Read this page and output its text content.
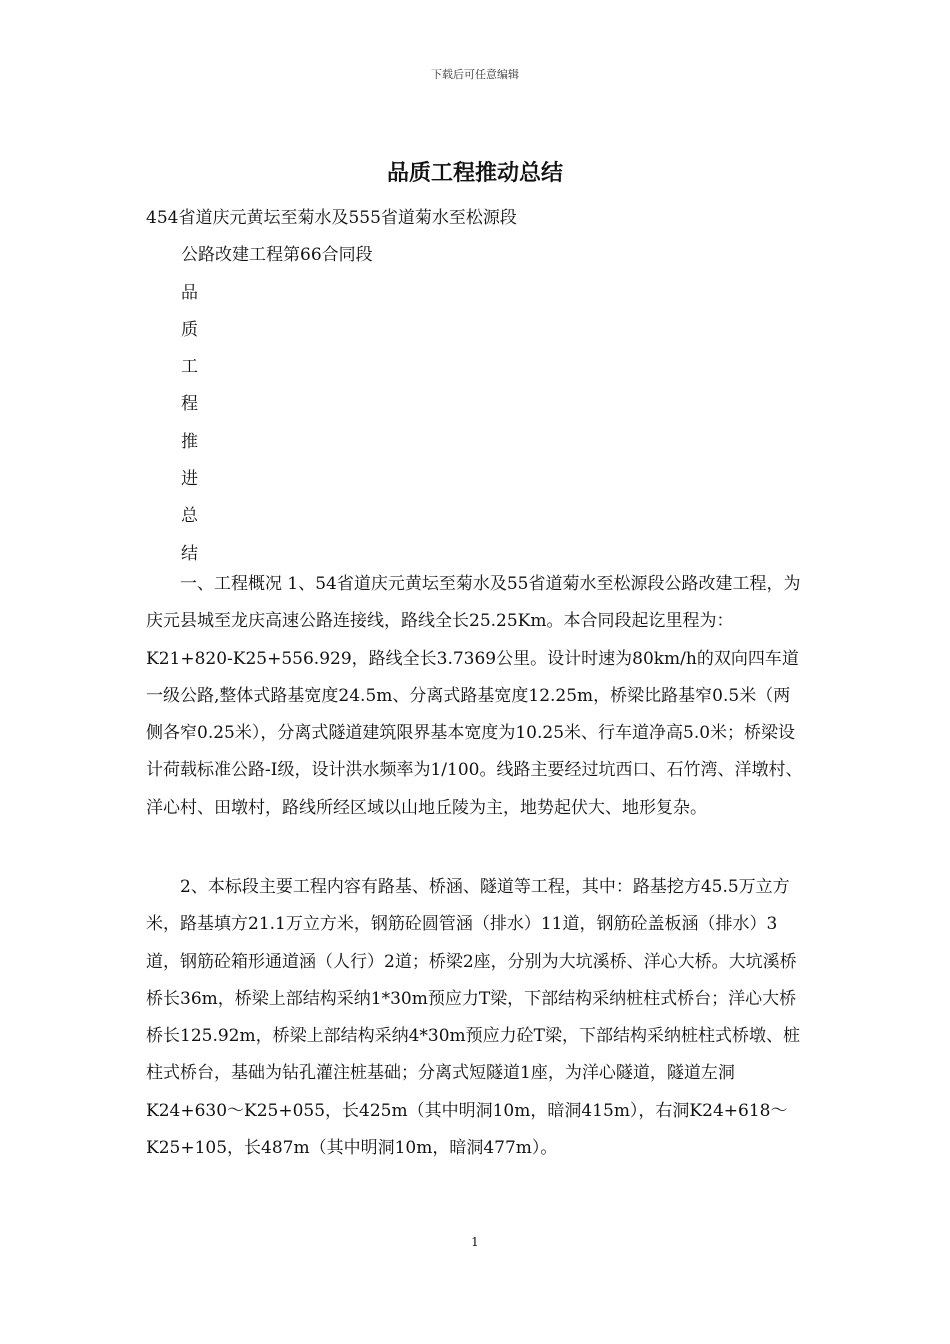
下载后可任意编辑
品质工程推动总结
454省道庆元黄坛至菊水及555省道菊水至松源段
公路改建工程第66合同段
品
质
工
程
推
进
总
结
一、工程概况 1、54省道庆元黄坛至菊水及55省道菊水至松源段公路改建工程，为庆元县城至龙庆高速公路连接线，路线全长25.25Km。本合同段起讫里程为：K21+820-K25+556.929，路线全长3.7369公里。设计时速为80km/h的双向四车道一级公路,整体式路基宽度24.5m、分离式路基宽度12.25m，桥梁比路基窄0.5米（两侧各窄0.25米），分离式隧道建筑限界基本宽度为10.25米、行车道净高5.0米；桥梁设计荷载标准公路-Ⅰ级，设计洪水频率为1/100。线路主要经过坑西口、石竹湾、洋墩村、洋心村、田墩村，路线所经区域以山地丘陵为主，地势起伏大、地形复杂。
2、本标段主要工程内容有路基、桥涵、隧道等工程，其中：路基挖方45.5万立方米，路基填方21.1万立方米，钢筋砼圆管涵（排水）11道，钢筋砼盖板涵（排水）3道，钢筋砼箱形通道涵（人行）2道；桥梁2座，分别为大坑溪桥、洋心大桥。大坑溪桥桥长36m，桥梁上部结构采纳1*30m预应力T梁，下部结构采纳桩柱式桥台；洋心大桥桥长125.92m，桥梁上部结构采纳4*30m预应力砼T梁，下部结构采纳桩柱式桥墩、桩柱式桥台，基础为钻孔灌注桩基础；分离式短隧道1座，为洋心隧道，隧道左洞K24+630～K25+055，长425m（其中明洞10m，暗洞415m），右洞K24+618～K25+105，长487m（其中明洞10m，暗洞477m）。
1
